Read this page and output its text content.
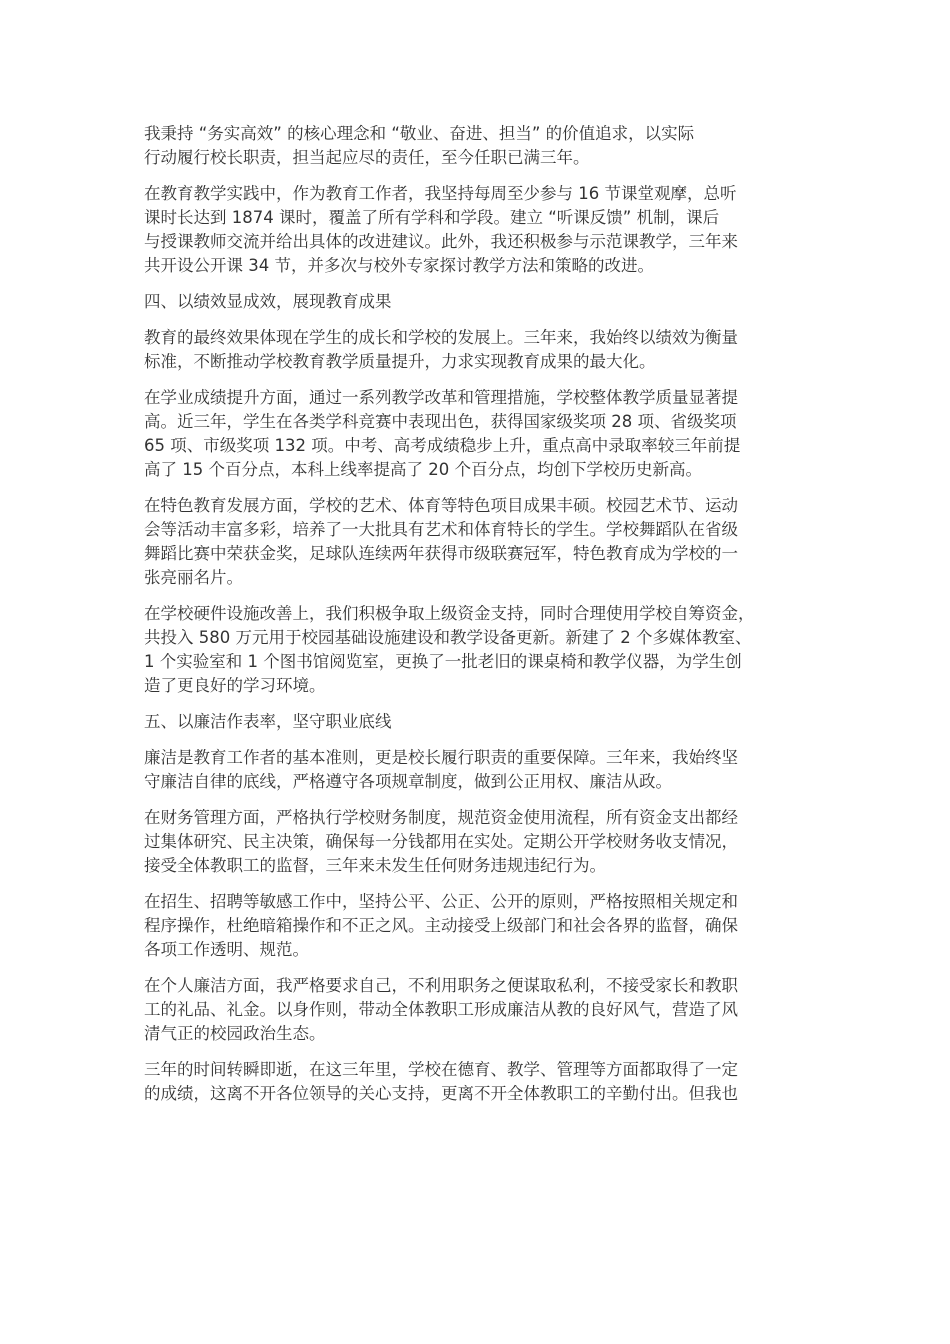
我秉持 “务实高效” 的核心理念和 “敬业、奋进、担当” 的价值追求，以实际
行动履行校长职责，担当起应尽的责任，至今任职已满三年。

在教育教学实践中，作为教育工作者，我坚持每周至少参与 16 节课堂观摩，总听
课时长达到 1874 课时，覆盖了所有学科和学段。建立 “听课反馈” 机制，课后
与授课教师交流并给出具体的改进建议。此外，我还积极参与示范课教学，三年来
共开设公开课 34 节，并多次与校外专家探讨教学方法和策略的改进。

四、以绩效显成效，展现教育成果

教育的最终效果体现在学生的成长和学校的发展上。三年来，我始终以绩效为衡量
标准，不断推动学校教育教学质量提升，力求实现教育成果的最大化。

在学业成绩提升方面，通过一系列教学改革和管理措施，学校整体教学质量显著提
高。近三年，学生在各类学科竞赛中表现出色，获得国家级奖项 28 项、省级奖项
65 项、市级奖项 132 项。中考、高考成绩稳步上升，重点高中录取率较三年前提
高了 15 个百分点，本科上线率提高了 20 个百分点，均创下学校历史新高。

在特色教育发展方面，学校的艺术、体育等特色项目成果丰硕。校园艺术节、运动
会等活动丰富多彩，培养了一大批具有艺术和体育特长的学生。学校舞蹈队在省级
舞蹈比赛中荣获金奖，足球队连续两年获得市级联赛冠军，特色教育成为学校的一
张亮丽名片。

在学校硬件设施改善上，我们积极争取上级资金支持，同时合理使用学校自筹资金，
共投入 580 万元用于校园基础设施建设和教学设备更新。新建了 2 个多媒体教室、
1 个实验室和 1 个图书馆阅览室，更换了一批老旧的课桌椅和教学仪器，为学生创
造了更良好的学习环境。

五、以廉洁作表率，坚守职业底线

廉洁是教育工作者的基本准则，更是校长履行职责的重要保障。三年来，我始终坚
守廉洁自律的底线，严格遵守各项规章制度，做到公正用权、廉洁从政。

在财务管理方面，严格执行学校财务制度，规范资金使用流程，所有资金支出都经
过集体研究、民主决策，确保每一分钱都用在实处。定期公开学校财务收支情况，
接受全体教职工的监督，三年来未发生任何财务违规违纪行为。

在招生、招聘等敏感工作中，坚持公平、公正、公开的原则，严格按照相关规定和
程序操作，杜绝暗箱操作和不正之风。主动接受上级部门和社会各界的监督，确保
各项工作透明、规范。

在个人廉洁方面，我严格要求自己，不利用职务之便谋取私利，不接受家长和教职
工的礼品、礼金。以身作则，带动全体教职工形成廉洁从教的良好风气，营造了风
清气正的校园政治生态。

三年的时间转瞬即逝，在这三年里，学校在德育、教学、管理等方面都取得了一定
的成绩，这离不开各位领导的关心支持，更离不开全体教职工的辛勤付出。但我也
